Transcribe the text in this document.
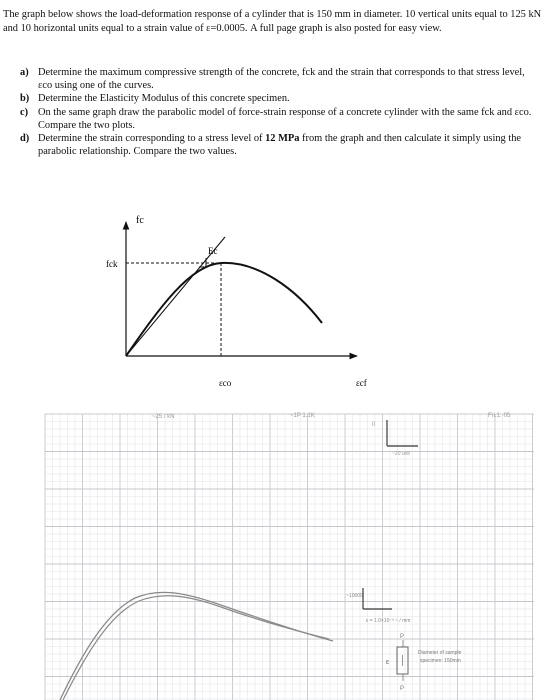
The graph below shows the load-deformation response of a cylinder that is 150 mm in diameter. 10 vertical units equal to 125 kN and 10 horizontal units equal to a strain value of ε=0.0005. A full page graph is also posted for easy view.
a) Determine the maximum compressive strength of the concrete, fck and the strain that corresponds to that stress level, εco using one of the curves.
b) Determine the Elasticity Modulus of this concrete specimen.
c) On the same graph draw the parabolic model of force-strain response of a concrete cylinder with the same fck and εco. Compare the two plots.
d) Determine the strain corresponding to a stress level of 12 MPa from the graph and then calculate it simply using the parabolic relationship. Compare the two values.
fc
fck
Ec
εco	εcf
~25 / kN	~1P 1.1K	Fri.1.·05
0
~20 unit
~10000
ε = 1.0×10⁻³ ~ / mm
P
P
ε
Diameter of sample
specimen: 150mm
